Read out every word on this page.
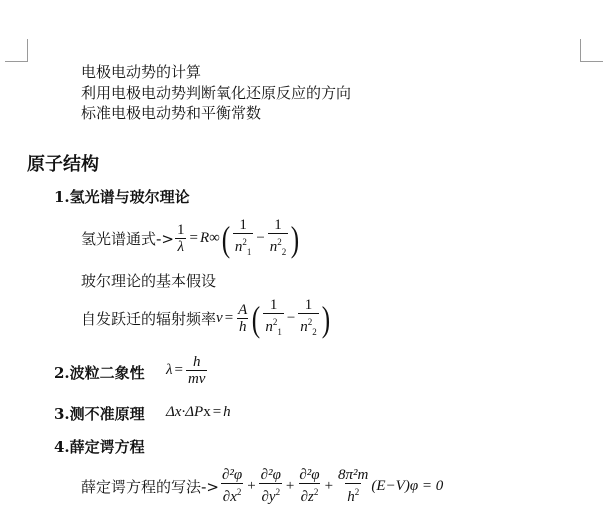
电极电动势的计算
利用电极电动势判断氧化还原反应的方向
标准电极电动势和平衡常数
原子结构
1.氢光谱与玻尔理论
氢光谱通式-> $\frac{1}{\lambda} = R$ ∞ ( $\frac{1}{n^2_1} - \frac{1}{n^2_2}$ )
玻尔理论的基本假设
自发跃迁的辐射频率 $\nu = \frac{A}{h}$ ( $\frac{1}{n^2_1} - \frac{1}{n^2_2}$ )
2.波粒二象性 $\lambda = \frac{h}{mv}$
3.测不准原理 Δx·ΔP x = h
4.薛定谔方程
薛定谔方程的写法-> $\frac{\text{∂²φ}}{\partial x^2} + \frac{\text{∂²φ}}{\partial y^2} + \frac{\text{∂²φ}}{\partial z^2} + \frac{\text{8π²m}}{h^2} (E-V)\varphi = 0$
